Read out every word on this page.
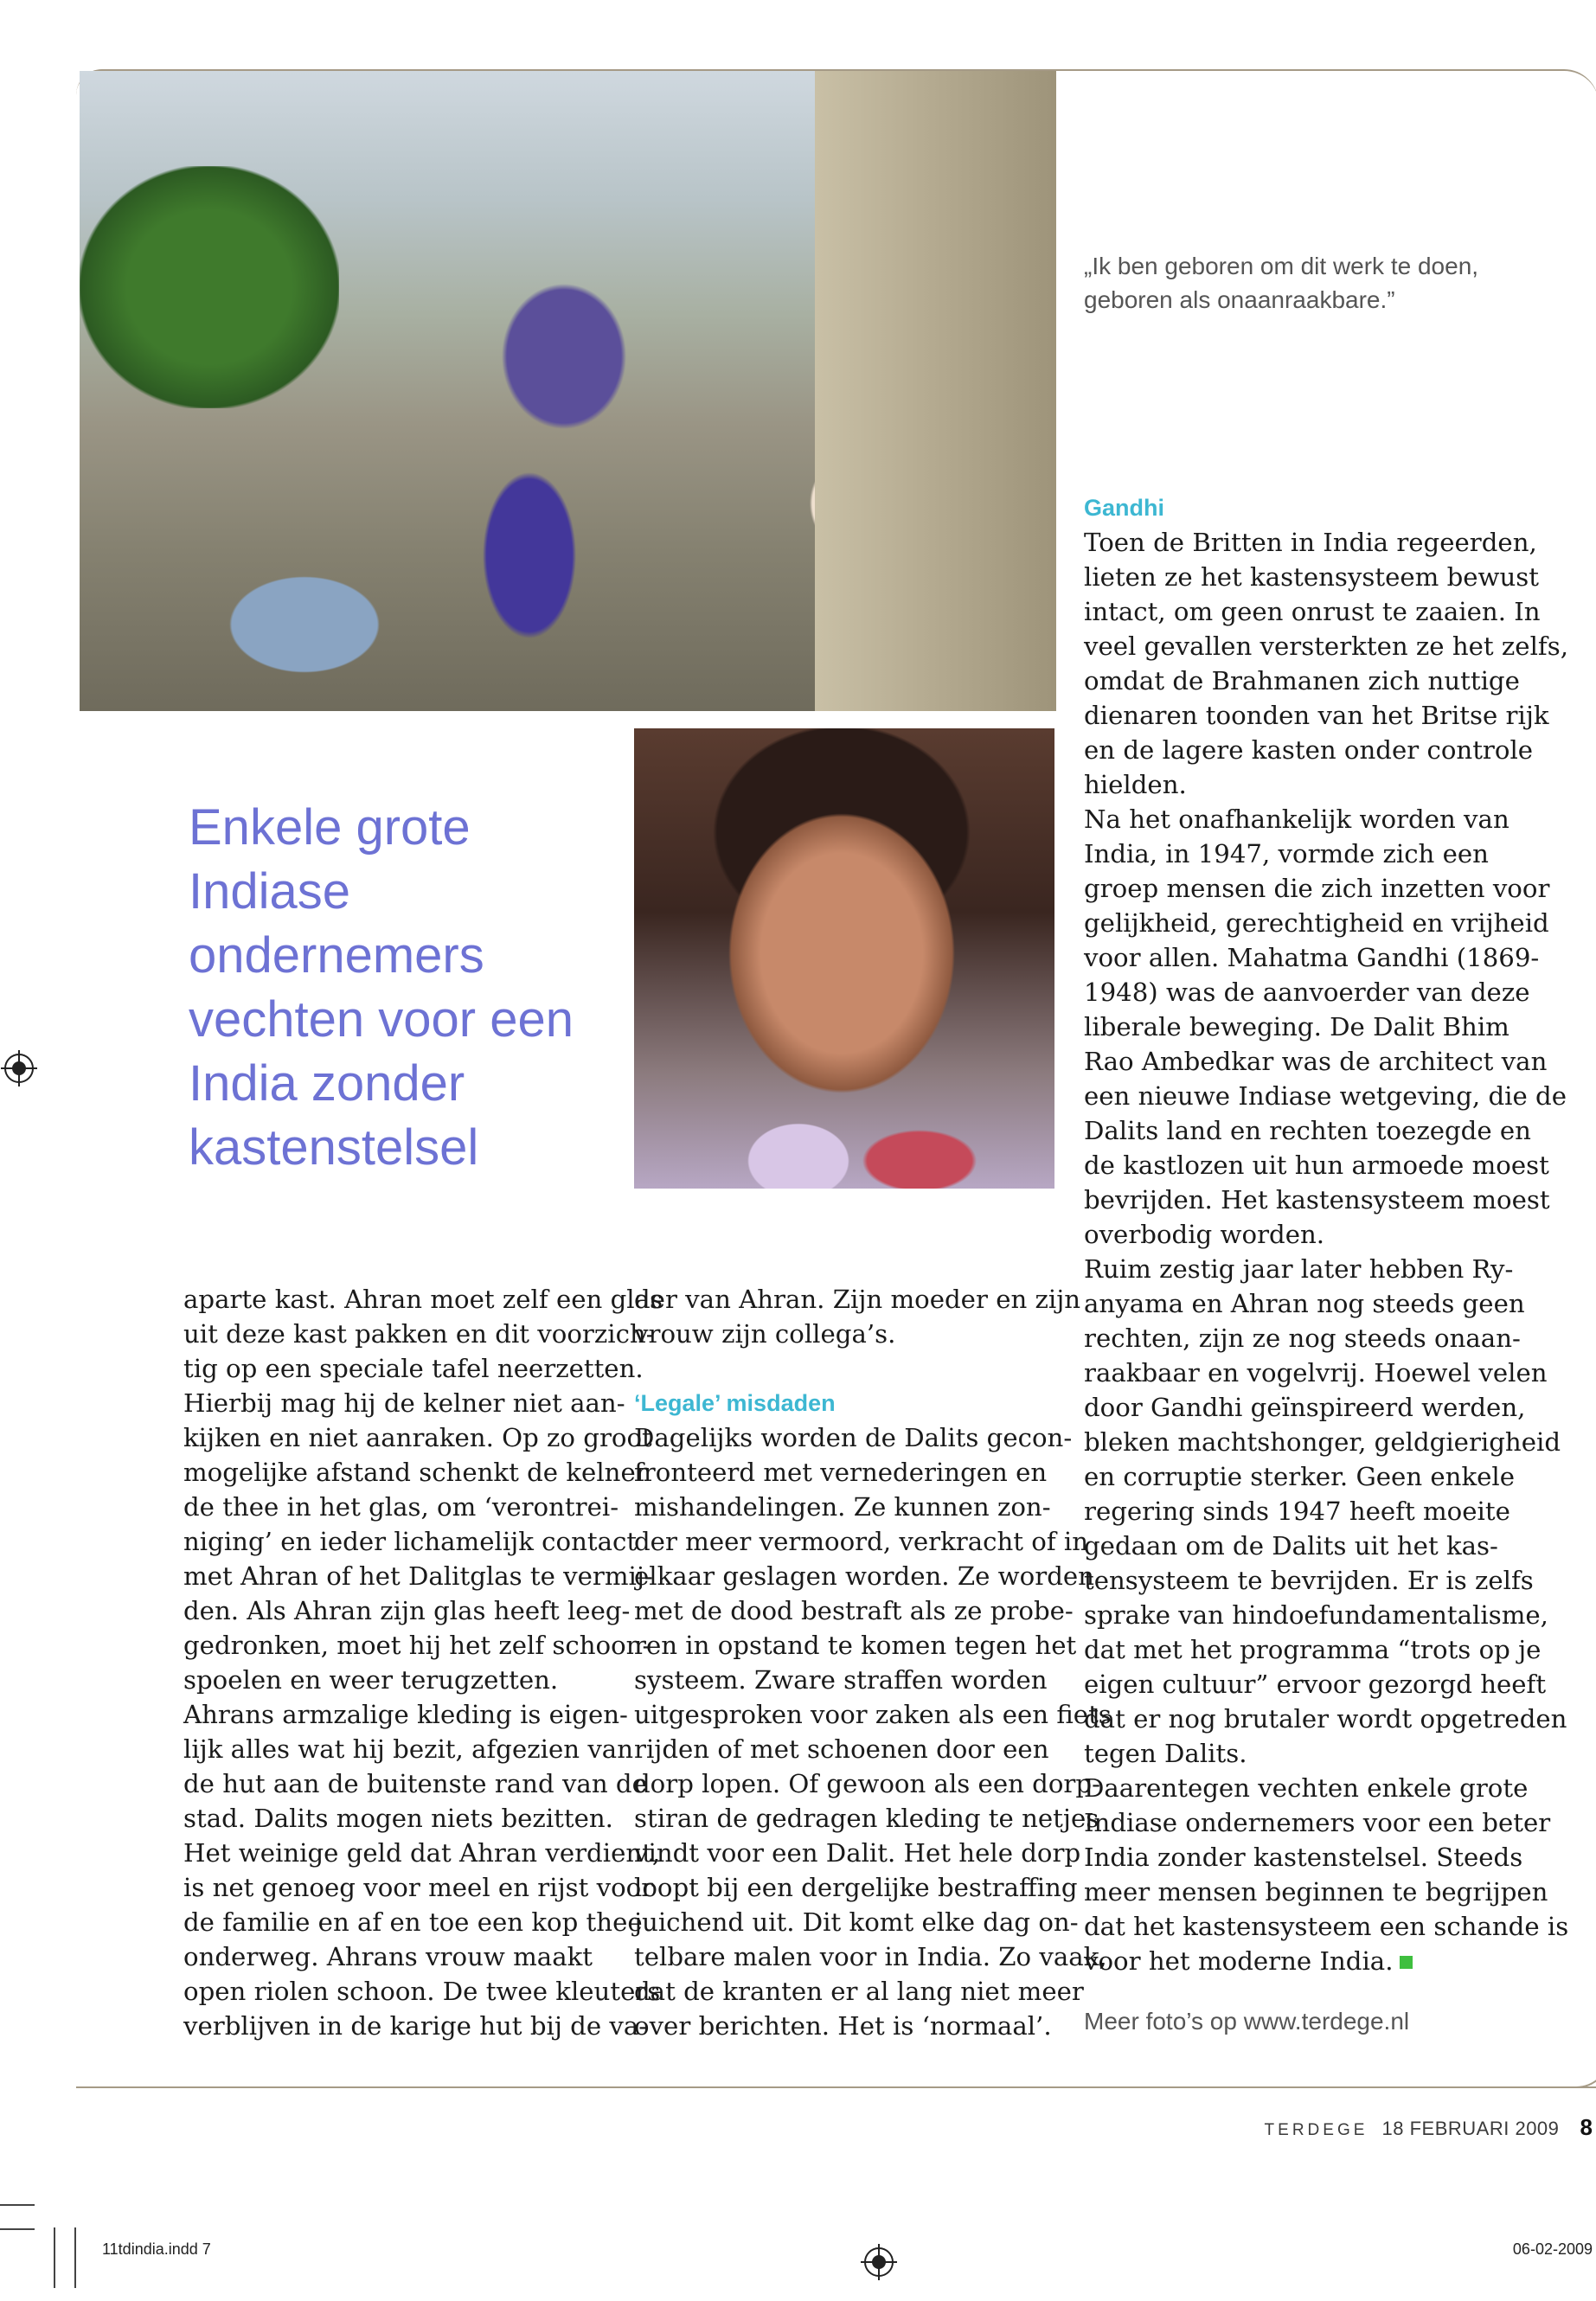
„Ik ben geboren om dit werk te doen,
geboren als onaanraakbare.”
Enkele grote
Indiase
ondernemers
vechten voor een
India zonder
kastenstelsel
aparte kast. Ahran moet zelf een glas
uit deze kast pakken en dit voorzich-
tig op een speciale tafel neerzetten.
Hierbij mag hij de kelner niet aan-
kijken en niet aanraken. Op zo groot
mogelijke afstand schenkt de kelner
de thee in het glas, om ‘verontrei-
niging’ en ieder lichamelijk contact
met Ahran of het Dalitglas te vermij-
den. Als Ahran zijn glas heeft leeg-
gedronken, moet hij het zelf schoon-
spoelen en weer terugzetten.
Ahrans armzalige kleding is eigen-
lijk alles wat hij bezit, afgezien van
de hut aan de buitenste rand van de
stad. Dalits mogen niets bezitten.
Het weinige geld dat Ahran verdient,
is net genoeg voor meel en rijst voor
de familie en af en toe een kop thee
onderweg. Ahrans vrouw maakt
open riolen schoon. De twee kleuters
verblijven in de karige hut bij de va-
der van Ahran. Zijn moeder en zijn
vrouw zijn collega’s.
‘Legale’ misdaden
Dagelijks worden de Dalits gecon-
fronteerd met vernederingen en
mishandelingen. Ze kunnen zon-
der meer vermoord, verkracht of in
elkaar geslagen worden. Ze worden
met de dood bestraft als ze probe-
ren in opstand te komen tegen het
systeem. Zware straffen worden
uitgesproken voor zaken als een fiets
rijden of met schoenen door een
dorp lopen. Of gewoon als een dorp-
stiran de gedragen kleding te netjes
vindt voor een Dalit. Het hele dorp
loopt bij een dergelijke bestraffing
juichend uit. Dit komt elke dag on-
telbare malen voor in India. Zo vaak,
dat de kranten er al lang niet meer
over berichten. Het is ‘normaal’.
Gandhi
Toen de Britten in India regeerden,
lieten ze het kastensysteem bewust
intact, om geen onrust te zaaien. In
veel gevallen versterkten ze het zelfs,
omdat de Brahmanen zich nuttige
dienaren toonden van het Britse rijk
en de lagere kasten onder controle
hielden.
Na het onafhankelijk worden van
India, in 1947, vormde zich een
groep mensen die zich inzetten voor
gelijkheid, gerechtigheid en vrijheid
voor allen. Mahatma Gandhi (1869-
1948) was de aanvoerder van deze
liberale beweging. De Dalit Bhim
Rao Ambedkar was de architect van
een nieuwe Indiase wetgeving, die de
Dalits land en rechten toezegde en
de kastlozen uit hun armoede moest
bevrijden. Het kastensysteem moest
overbodig worden.
Ruim zestig jaar later hebben Ry-
anyama en Ahran nog steeds geen
rechten, zijn ze nog steeds onaan-
raakbaar en vogelvrij. Hoewel velen
door Gandhi geïnspireerd werden,
bleken machtshonger, geldgierigheid
en corruptie sterker. Geen enkele
regering sinds 1947 heeft moeite
gedaan om de Dalits uit het kas-
tensysteem te bevrijden. Er is zelfs
sprake van hindoefundamentalisme,
dat met het programma “trots op je
eigen cultuur” ervoor gezorgd heeft
dat er nog brutaler wordt opgetreden
tegen Dalits.
Daarentegen vechten enkele grote
Indiase ondernemers voor een beter
India zonder kastenstelsel. Steeds
meer mensen beginnen te begrijpen
dat het kastensysteem een schande is
voor het moderne India.
Meer foto’s op www.terdege.nl
TERDEGE 18 FEBRUARI 2009 8
11tdindia.indd 7	06-02-2009
